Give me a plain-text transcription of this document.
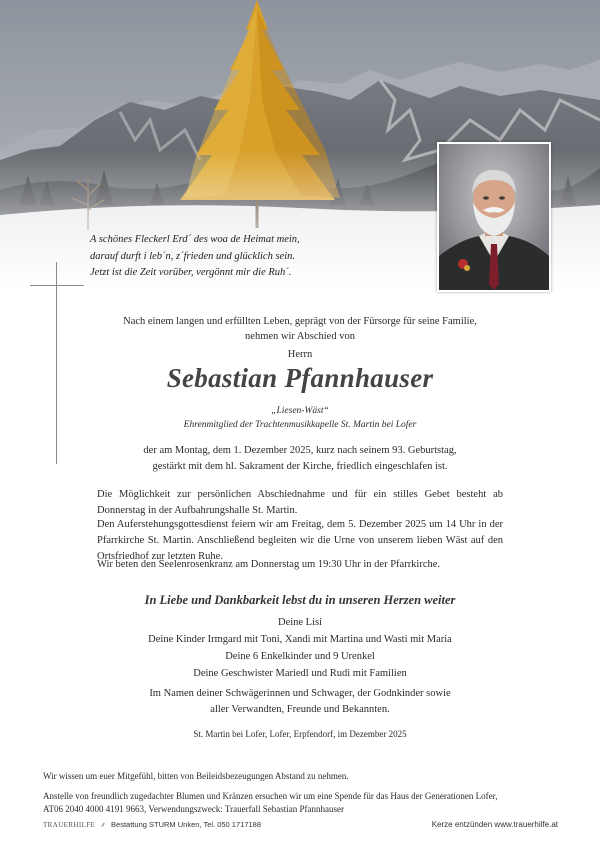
A schönes Fleckerl Erd´ des woa de Heimat mein,
darauf durft i leb´n, z´frieden und glücklich sein.
Jetzt ist die Zeit vorüber, vergönnt mir die Ruh´.
Nach einem langen und erfüllten Leben, geprägt von der Fürsorge für seine Familie,
nehmen wir Abschied von
Herrn
Sebastian Pfannhauser
„Liesen-Wäst“
Ehrenmitglied der Trachtenmusikkapelle St. Martin bei Lofer
der am Montag, dem 1. Dezember 2025, kurz nach seinem 93. Geburtstag,
gestärkt mit dem hl. Sakrament der Kirche, friedlich eingeschlafen ist.
Die Möglichkeit zur persönlichen Abschiednahme und für ein stilles Gebet besteht ab Donnerstag in der Aufbahrungshalle St. Martin.
Den Auferstehungsgottesdienst feiern wir am Freitag, dem 5. Dezember 2025 um 14 Uhr in der Pfarrkirche St. Martin. Anschließend begleiten wir die Urne von unserem lieben Wäst auf den Ortsfriedhof zur letzten Ruhe.
Wir beten den Seelenrosenkranz am Donnerstag um 19:30 Uhr in der Pfarrkirche.
In Liebe und Dankbarkeit lebst du in unseren Herzen weiter
Deine Lisi
Deine Kinder Irmgard mit Toni, Xandi mit Martina und Wasti mit Maria
Deine 6 Enkelkinder und 9 Urenkel
Deine Geschwister Mariedl und Rudi mit Familien
Im Namen deiner Schwägerinnen und Schwager, der Godnkinder sowie
aller Verwandten, Freunde und Bekannten.
St. Martin bei Lofer, Lofer, Erpfendorf, im Dezember 2025
Wir wissen um euer Mitgefühl, bitten von Beileidsbezeugungen Abstand zu nehmen.
Anstelle von freundlich zugedachter Blumen und Kränzen ersuchen wir um eine Spende für das Haus der Generationen Lofer,
AT06 2040 4000 4191 9663, Verwendungszweck: Trauerfall Sebastian Pfannhauser
TRAUERHILFE ⸙ Bestattung STURM Unken, Tel. 050 1717188	Kerze entzünden www.trauerhilfe.at
